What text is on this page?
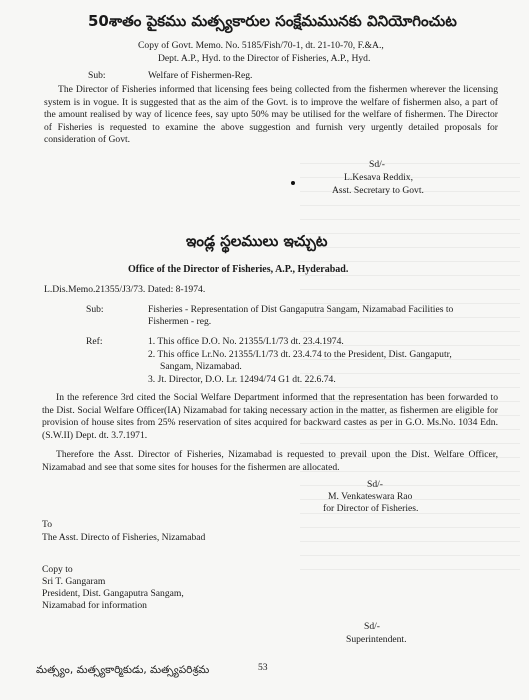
50శాతం పైకము మత్స్యకారుల సంక్షేమమునకు వినియోగించుట
Copy of Govt. Memo. No. 5185/Fish/70-1, dt. 21-10-70, F.&A.,
Dept. A.P., Hyd. to the Director of Fisheries, A.P., Hyd.
Sub:	Welfare of Fishermen-Reg.
The Director of Fisheries informed that licensing fees being collected from the fishermen wherever the licensing system is in vogue. It is suggested that as the aim of the Govt. is to improve the welfare of fishermen also, a part of the amount realised by way of licence fees, say upto 50% may be utilised for the welfare of fishermen. The Director of Fisheries is requested to examine the above suggestion and furnish very urgently detailed proposals for consideration of Govt.
Sd/-
L.Kesava Reddix,
Asst. Secretary to Govt.
ఇండ్ల స్థలములు ఇచ్చుట
Office of the Director of Fisheries, A.P., Hyderabad.
L.Dis.Memo.21355/J3/73. Dated: 8-1974.
Sub:	Fisheries - Representation of Dist Gangaputra Sangam, Nizamabad Facilities to
Fishermen - reg.
Ref:	1. This office D.O. No. 21355/I.1/73 dt. 23.4.1974.
2. This office Lr.No. 21355/I.1/73 dt. 23.4.74 to the President, Dist. Gangaputr,
Sangam, Nizamabad.
3. Jt. Director, D.O. Lr. 12494/74 G1 dt. 22.6.74.
In the reference 3rd cited the Social Welfare Department informed that the representation has been forwarded to the Dist. Social Welfare Officer(IA) Nizamabad for taking necessary action in the matter, as fishermen are eligible for provision of house sites from 25% reservation of sites acquired for backward castes as per in G.O. Ms.No. 1034 Edn.(S.W.II) Dept. dt. 3.7.1971.
Therefore the Asst. Director of Fisheries, Nizamabad is requested to prevail upon the Dist. Welfare Officer, Nizamabad and see that some sites for houses for the fishermen are allocated.
Sd/-
M. Venkateswara Rao
for Director of Fisheries.
To
The Asst. Directo of Fisheries, Nizamabad
Copy to
Sri T. Gangaram
President, Dist. Gangaputra Sangam,
Nizamabad for information
Sd/-
Superintendent.
మత్స్యం, మత్స్యకార్మికుడు, మత్స్యపరిశ్రమ	53
